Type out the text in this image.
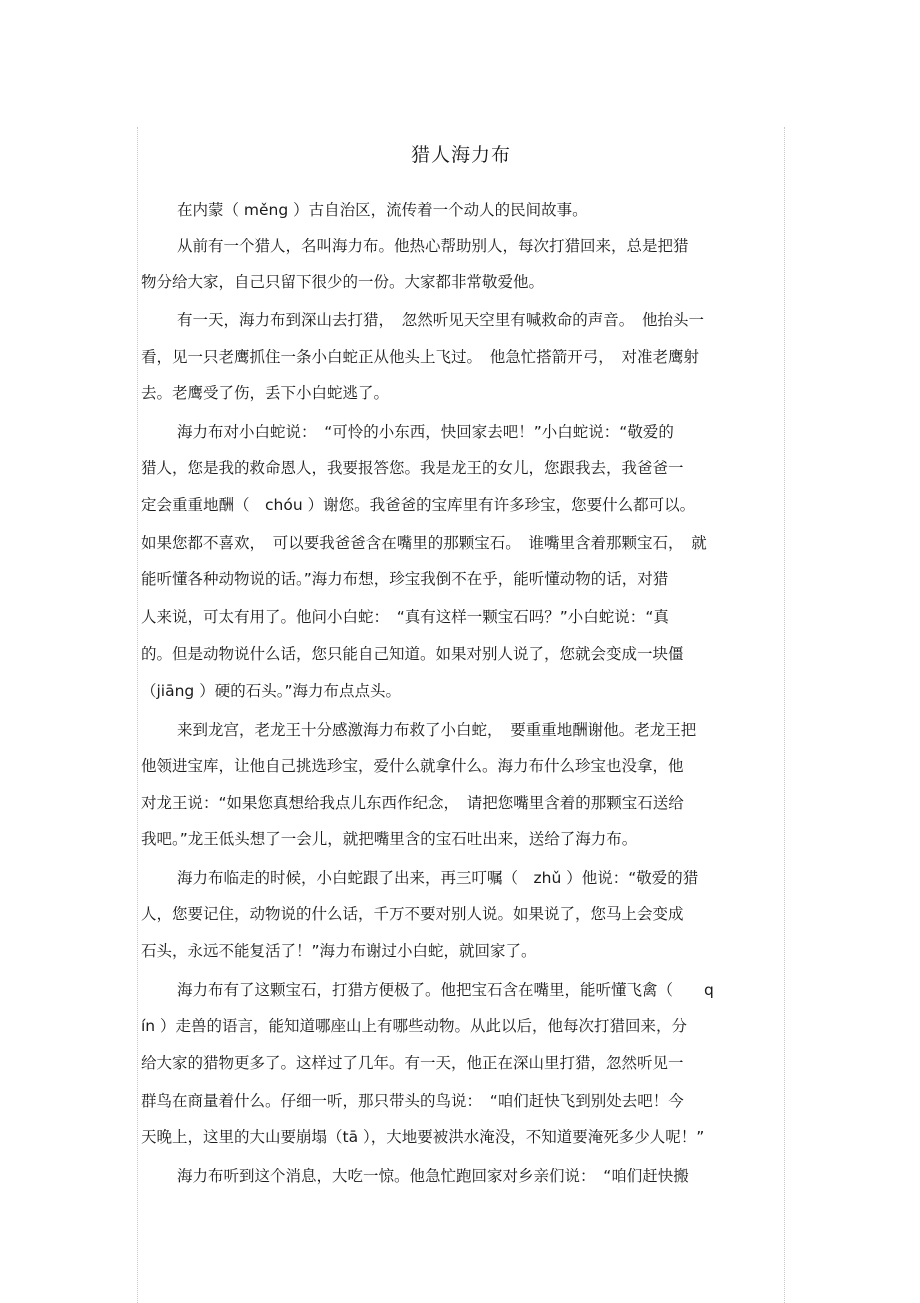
猎人海力布
在内蒙（ měng ）古自治区，流传着一个动人的民间故事。
从前有一个猎人，名叫海力布。他热心帮助别人，每次打猎回来，总是把猎
物分给大家，自己只留下很少的一份。大家都非常敬爱他。
有一天，海力布到深山去打猎，　忽然听见天空里有喊救命的声音。　他抬头一
看，见一只老鹰抓住一条小白蛇正从他头上飞过。　他急忙搭箭开弓，　对准老鹰射
去。老鹰受了伤，丢下小白蛇逃了。
海力布对小白蛇说：　“可怜的小东西，快回家去吧！”小白蛇说：“敬爱的
猎人，您是我的救命恩人，我要报答您。我是龙王的女儿，您跟我去，我爸爸一
定会重重地酬（　chóu ）谢您。我爸爸的宝库里有许多珍宝，您要什么都可以。
如果您都不喜欢，　可以要我爸爸含在嘴里的那颗宝石。　谁嘴里含着那颗宝石，　就
能听懂各种动物说的话。”海力布想，珍宝我倒不在乎，能听懂动物的话，对猎
人来说，可太有用了。他问小白蛇：　“真有这样一颗宝石吗？”小白蛇说：“真
的。但是动物说什么话，您只能自己知道。如果对别人说了，您就会变成一块僵
（jiāng ）硬的石头。”海力布点点头。
来到龙宫，老龙王十分感激海力布救了小白蛇，　要重重地酬谢他。老龙王把
他领进宝库，让他自己挑选珍宝，爱什么就拿什么。海力布什么珍宝也没拿，他
对龙王说：“如果您真想给我点儿东西作纪念，　请把您嘴里含着的那颗宝石送给
我吧。”龙王低头想了一会儿，就把嘴里含的宝石吐出来，送给了海力布。
海力布临走的时候，小白蛇跟了出来，再三叮嘱（　zhǔ ）他说：“敬爱的猎
人，您要记住，动物说的什么话，千万不要对别人说。如果说了，您马上会变成
石头，永远不能复活了！”海力布谢过小白蛇，就回家了。
海力布有了这颗宝石，打猎方便极了。他把宝石含在嘴里，能听懂飞禽（　　q
ín ）走兽的语言，能知道哪座山上有哪些动物。从此以后，他每次打猎回来，分
给大家的猎物更多了。这样过了几年。有一天，他正在深山里打猎，忽然听见一
群鸟在商量着什么。仔细一听，那只带头的鸟说：　“咱们赶快飞到别处去吧！今
天晚上，这里的大山要崩塌（tā ），大地要被洪水淹没，不知道要淹死多少人呢！”
海力布听到这个消息，大吃一惊。他急忙跑回家对乡亲们说：　“咱们赶快搬
